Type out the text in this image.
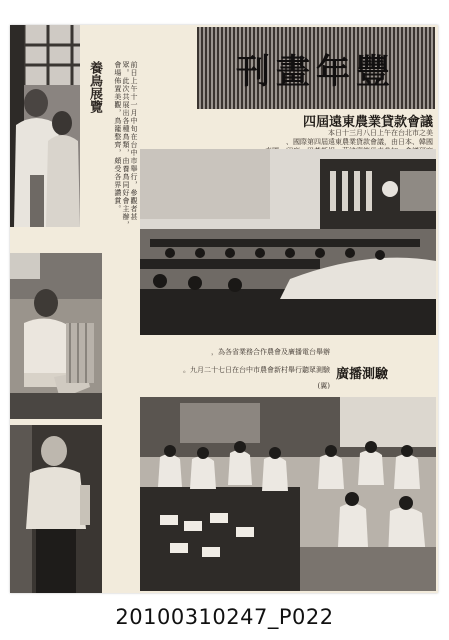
養鳥展覽	前日上午十一月中旬在台中市舉行，參觀者甚眾。此次共展出各種鳥類，由養鳥同好會主辦，會場佈置美觀，鳥籠整齊，頗受各界讚賞。	刊畫年豐
四屆遠東農業貸款會議
本日十三月八日上午在台北市之美
國際第四屆遠東農業貸款會議，由日本、韓國、
廣播測驗
為各省業務合作農會及廣播電台舉辦，
九月二十七日在台中市農會新村舉行聽眾測驗。
(翼)
20100310247_P022
